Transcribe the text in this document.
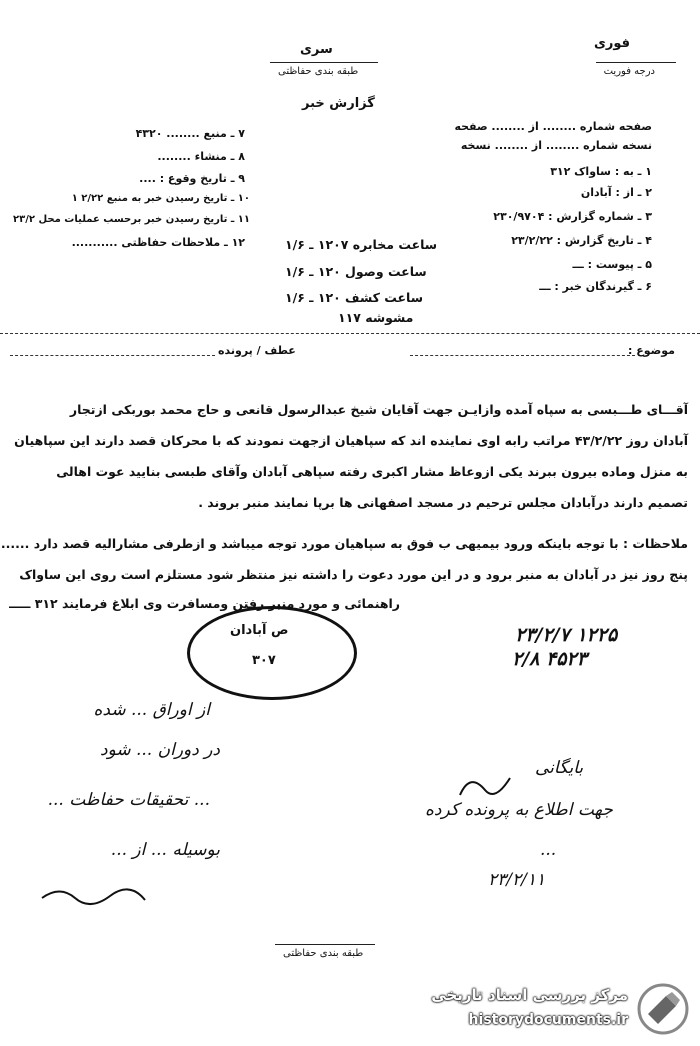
فوری
درجه فوریت
سری
طبقه بندی حفاظتی
گزارش خبر
صفحه شماره ........ از ........ صفحه
نسخه شماره ........ از ........ نسخه
۱ ـ به : ساواک ۳۱۲
۲ ـ از : آبادان
۳ ـ شماره گزارش : ۲۳۰/۹۷۰۴
۴ ـ تاریخ گزارش : ۲۳/۲/۲۲
۵ ـ پیوست : ـــ
۶ ـ گیرندگان خبر : ـــ
۷ ـ منبع ........ ۴۳۲۰
۸ ـ منشاء ........
۹ ـ تاریخ وقوع : ....
۱۰ ـ تاریخ رسیدن خبر به منبع ۲/۲۲ ۱
۱۱ ـ تاریخ رسیدن خبر برحسب عملیات محل ۲۳/۲
۱۲ ـ ملاحظات حفاظتی ...........	ساعت مخابره ۱۲۰۷ ـ ۱/۶
ساعت وصول ۱۲۰ ـ ۱/۶
ساعت کشف ۱۲۰ ـ ۱/۶
مشوشه ۱۱۷
موضوع :
عطف / پرونده
آقـــای طـــبسی به سپاه آمده وازایـن جهت آقایان شیخ عبدالرسول قانعی و حاج محمد بوربکی ازتجار
آبادان روز ۴۳/۲/۲۲ مراتب رابه اوی نماینده اند که سپاهیان ازجهت نمودند که با محرکان قصد دارند این سپاهیان
به منزل وماده بیرون ببرند یکی ازوعاظ مشار اکبری رفته سپاهی آبادان وآقای طبسی بنایید عوت اهالی
تصمیم دارند درآبادان مجلس ترحیم در مسجد اصفهانی ها برپا نمایند منبر بروند .
ملاحظات : با توجه باینکه ورود بیمیهی ب فوق به سپاهیان مورد توجه میباشد و ازطرفی مشارالیه قصد دارد ......
پنج روز نیز در آبادان به منبر برود و در این مورد دعوت را داشته نیز منتظر شود مستلزم است روی این ساواک
راهنمائی و مورد منبر رفتن ومسافرت وی ابلاغ فرمایند ۳۱۲ ـــــ
ص آبادان
۳۰۷
۱۲۲۵ ۲۳/۲/۷
۴۵۲۳ ۲/۸
از اوراق ... شده
در دوران ... شود
... تحقیقات حفاظت ...
بوسیله ... از ...
بایگانی
جهت اطلاع به پرونده کرده
...
۲۳/۲/۱۱
طبقه بندی حفاظتی
مرکز بررسی اسناد تاریخی
historydocuments.ir
